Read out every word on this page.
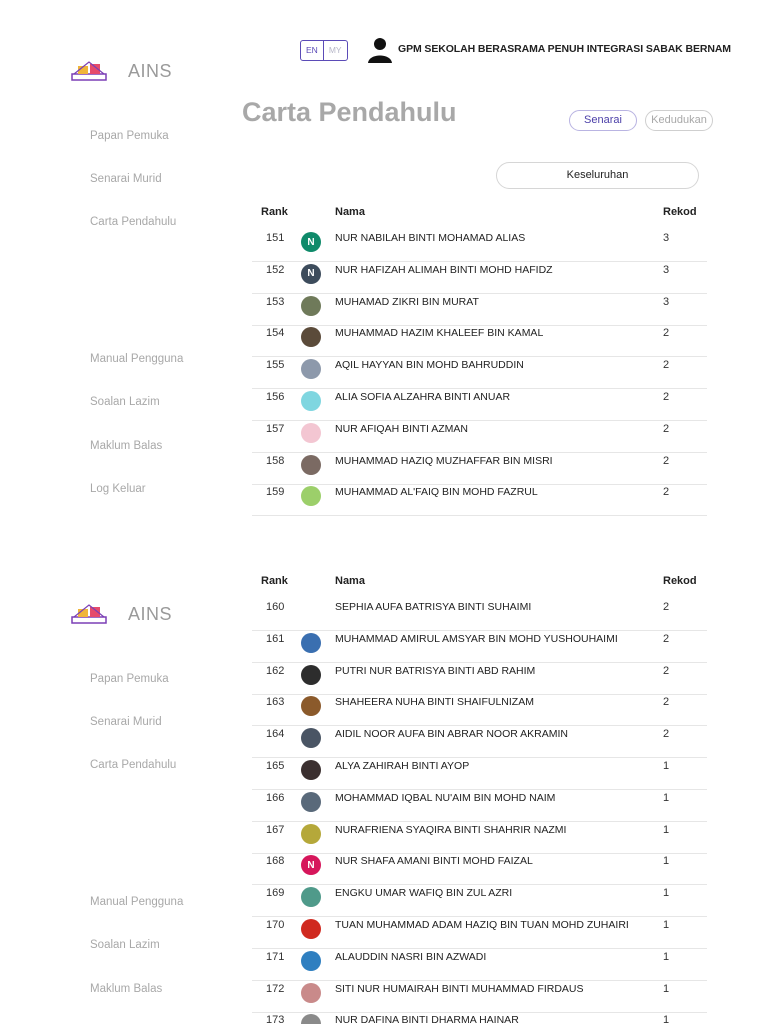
AINS
Papan Pemuka
Senarai Murid
Carta Pendahulu
Manual Pengguna
Soalan Lazim
Maklum Balas
Log Keluar
AINS
Papan Pemuka
Senarai Murid
Carta Pendahulu
Manual Pengguna
Soalan Lazim
Maklum Balas
EN	MY	GPM SEKOLAH BERASRAMA PENUH INTEGRASI SABAK BERNAM
Carta Pendahulu	Senarai	Kedudukan
Keseluruhan
Rank	Nama	Rekod
151	N	NUR NABILAH BINTI MOHAMAD ALIAS	3
152	N	NUR HAFIZAH ALIMAH BINTI MOHD HAFIDZ	3
153	MUHAMAD ZIKRI BIN MURAT	3
154	MUHAMMAD HAZIM KHALEEF BIN KAMAL	2
155	AQIL HAYYAN BIN MOHD BAHRUDDIN	2
156	ALIA SOFIA ALZAHRA BINTI ANUAR	2
157	NUR AFIQAH BINTI AZMAN	2
158	MUHAMMAD HAZIQ MUZHAFFAR BIN MISRI	2
159	MUHAMMAD AL'FAIQ BIN MOHD FAZRUL	2
Rank	Nama	Rekod
160	SEPHIA AUFA BATRISYA BINTI SUHAIMI	2
161	MUHAMMAD AMIRUL AMSYAR BIN MOHD YUSHOUHAIMI	2
162	PUTRI NUR BATRISYA BINTI ABD RAHIM	2
163	SHAHEERA NUHA BINTI SHAIFULNIZAM	2
164	AIDIL NOOR AUFA BIN ABRAR NOOR AKRAMIN	2
165	ALYA ZAHIRAH BINTI AYOP	1
166	MOHAMMAD IQBAL NU'AIM BIN MOHD NAIM	1
167	NURAFRIENA SYAQIRA BINTI SHAHRIR NAZMI	1
168	N	NUR SHAFA AMANI BINTI MOHD FAIZAL	1
169	ENGKU UMAR WAFIQ BIN ZUL AZRI	1
170	TUAN MUHAMMAD ADAM HAZIQ BIN TUAN MOHD ZUHAIRI	1
171	ALAUDDIN NASRI BIN AZWADI	1
172	SITI NUR HUMAIRAH BINTI MUHAMMAD FIRDAUS	1
173	NUR DAFINA BINTI DHARMA HAINAR	1
